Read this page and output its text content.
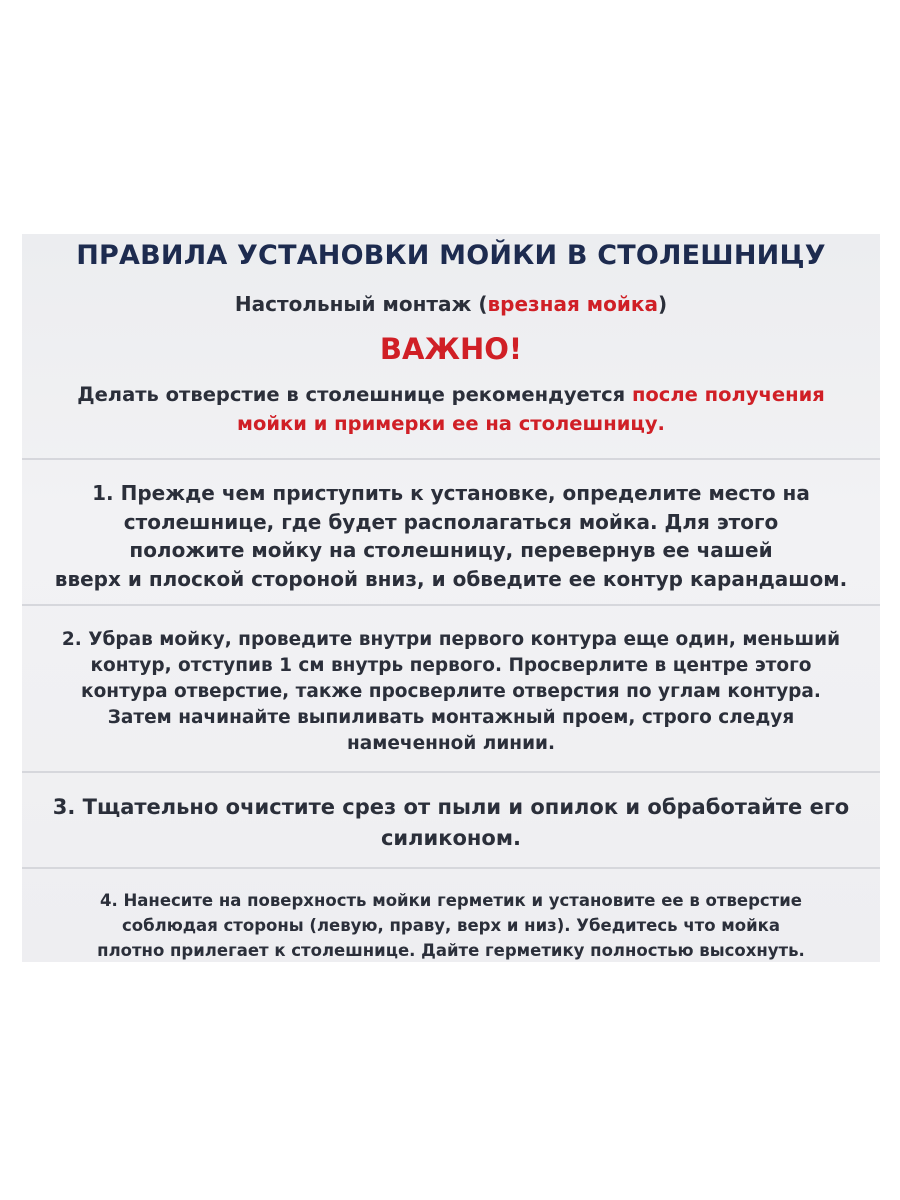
ПРАВИЛА УСТАНОВКИ МОЙКИ В СТОЛЕШНИЦУ
Настольный монтаж (врезная мойка)
ВАЖНО!
Делать отверстие в столешнице рекомендуется после получения
мойки и примерки ее на столешницу.
1. Прежде чем приступить к установке, определите место на
столешнице, где будет располагаться мойка. Для этого
положите мойку на столешницу, перевернув ее чашей
вверх и плоской стороной вниз, и обведите ее контур карандашом.
2. Убрав мойку, проведите внутри первого контура еще один, меньший
контур, отступив 1 см внутрь первого. Просверлите в центре этого
контура отверстие, также просверлите отверстия по углам контура.
Затем начинайте выпиливать монтажный проем, строго следуя
намеченной линии.
3. Тщательно очистите срез от пыли и опилок и обработайте его
силиконом.
4. Нанесите на поверхность мойки герметик и установите ее в отверстие
соблюдая стороны (левую, праву, верх и низ). Убедитесь что мойка
плотно прилегает к столешнице. Дайте герметику полностью высохнуть.
